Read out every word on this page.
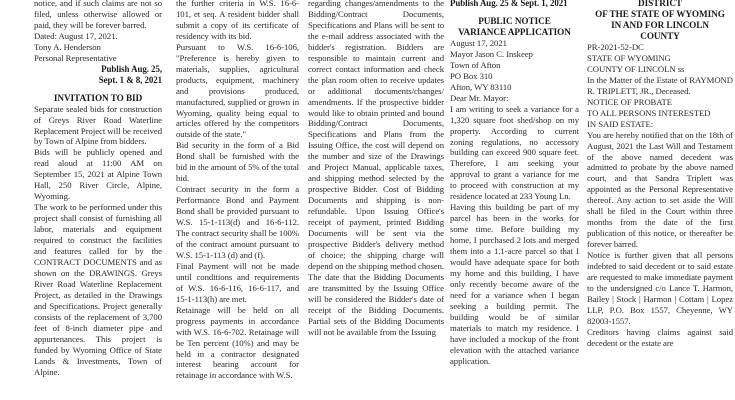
notice, and if such claims are not so filed, unless otherwise allowed or paid, they will be forever barred.

Dated: August 17, 2021.

Tony A. Henderson

Personal Representative

Publish Aug. 25,

Sept. 1 & 8, 2021

INVITATION TO BID

Separate sealed bids for construction of Greys River Road Waterline Replacement Project will be received by Town of Alpine from bidders.

Bids will be publicly opened and read aloud at 11:00 AM on September 15, 2021 at Alpine Town Hall, 250 River Circle, Alpine, Wyoming.

The work to be performed under this project shall consist of furnishing all labor, materials and equipment required to construct the facilities and features called for by the CONTRACT DOCUMENTS and as shown on the DRAWINGS. Greys River Road Waterline Replacement Project, as detailed in the Drawings and Specifications. Project generally consists of the replacement of 3,700 feet of 8-inch diameter pipe and appurtenances. This project is funded by Wyoming Office of State Lands & Investments, Town of Alpine.

the further criteria in W.S. 16-6-101, et seq. A resident bidder shall submit a copy of its certificate of residency with its bid.

Pursuant to W.S. 16-6-106, "Preference is hereby given to materials, supplies, agricultural products, equipment, machinery and provisions produced, manufactured, supplied or grown in Wyoming, quality being equal to articles offered by the competitors outside of the state."

Bid security in the form of a Bid Bond shall be furnished with the bid in the amount of 5% of the total bid.

Contract security in the form a Performance Bond and Payment Bond shall be provided pursuant to W.S. 15-1-113(d) and 16-6-112. The contract security shall be 100% of the contract amount pursuant to W.S. 15-1-113 (d) and (f).

Final Payment will not be made until conditions and requirements of W.S. 16-6-116, 16-6-117, and 15-1-113(h) are met.

Retainage will be held on all progress payments in accordance with W.S. 16-6-702. Retainage will be Ten percent (10%) and may be held in a contractor designated interest bearing account for retainage in accordance with W.S.

regarding changes/amendments to the Bidding/Contract Documents, Specifications and Plans will be sent to the e-mail address associated with the bidder's registration. Bidders are responsible to maintain current and correct contact information and check the plan room often to receive updates or additional documents/changes/ amendments. If the prospective bidder would like to obtain printed and bound Bidding/Contract Documents, Specifications and Plans from the Issuing Office, the cost will depend on the number and size of the Drawings and Project Manual, applicable taxes, and shipping method selected by the prospective Bidder. Cost of Bidding Documents and shipping is non-refundable. Upon Issuing Office's receipt of payment, printed Bidding Documents will be sent via the prospective Bidder's delivery method of choice; the shipping charge will depend on the shipping method chosen. The date that the Bidding Documents are transmitted by the Issuing Office will be considered the Bidder's date of receipt of the Bidding Documents. Partial sets of the Bidding Documents will not be available from the Issuing

Publish Aug. 25 & Sept. 1, 2021

PUBLIC NOTICE

VARIANCE APPLICATION

August 17, 2021

Mayor Jason C. Inskeep

Town of Afton

PO Box 310

Afton, WY 83110

Dear Mr. Mayor:

I am writing to seek a variance for a 1,320 square foot shed/shop on my property. According to current zoning regulations, no accessory building can exceed 900 square feet. Therefore, I am seeking your approval to grant a variance for me to proceed with construction at my residence located at 233 Young Ln.

Having this building be part of my parcel has been in the works for some time. Before building my home, I purchased 2 lots and merged them into a 1.1-acre parcel so that I would have adequate space for both my home and this building. I have only recently become aware of the need for a variance when I began seeking a building permit. The building would be of similar materials to match my residence. I have included a mockup of the front elevation with the attached variance application.

DISTRICT

OF THE STATE OF WYOMING

IN AND FOR LINCOLN

COUNTY

PR-2021-52-DC

STATE OF WYOMING

COUNTY OF LINCOLN ss

In the Matter of the Estate of RAYMOND R. TRIPLETT, JR., Deceased.

NOTICE OF PROBATE

TO ALL PERSONS INTERESTED

IN SAID ESTATE:

You are hereby notified that on the 18th of August, 2021 the Last Will and Testament of the above named decedent was admitted to probate by the above named court, and that Sandra Triplett was appointed as the Personal Representative thereof. Any action to set aside the Will shall be filed in the Court within three months from the date of the first publication of this notice, or thereafter be forever barred.

Notice is further given that all persons indebted to said decedent or to said estate are requested to make immediate payment to the undersigned c/o Lance T. Harmon, Bailey | Stock | Harmon | Cottam | Lopez LLP, P.O. Box 1557, Cheyenne, WY 82003-1557.

Creditors having claims against said decedent or the estate are
